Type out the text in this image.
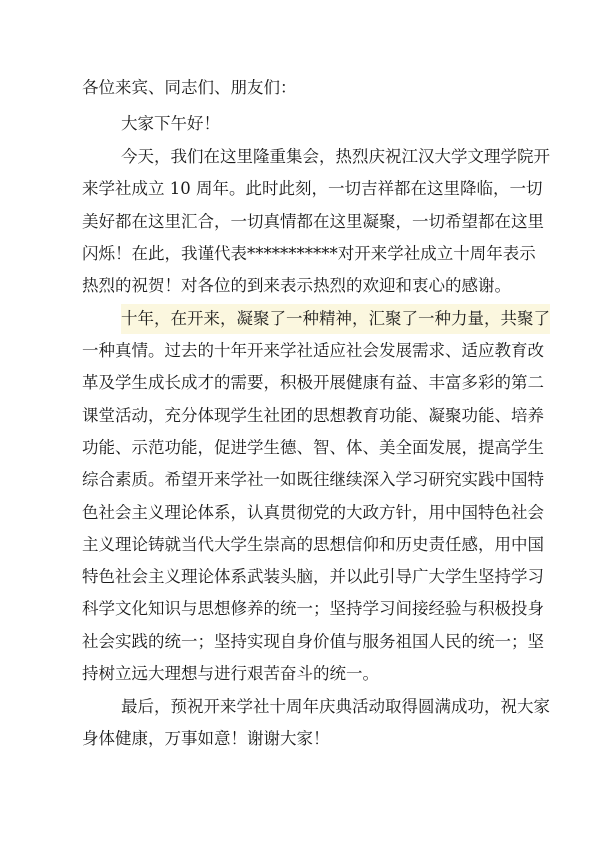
各位来宾、同志们、朋友们：
大家下午好！
今天，我们在这里隆重集会，热烈庆祝江汉大学文理学院开
来学社成立 10 周年。此时此刻，一切吉祥都在这里降临，一切
美好都在这里汇合，一切真情都在这里凝聚，一切希望都在这里
闪烁！在此，我谨代表***********对开来学社成立十周年表示
热烈的祝贺！对各位的到来表示热烈的欢迎和衷心的感谢。
十年，在开来，凝聚了一种精神，汇聚了一种力量，共聚了
一种真情。过去的十年开来学社适应社会发展需求、适应教育改
革及学生成长成才的需要，积极开展健康有益、丰富多彩的第二
课堂活动，充分体现学生社团的思想教育功能、凝聚功能、培养
功能、示范功能，促进学生德、智、体、美全面发展，提高学生
综合素质。希望开来学社一如既往继续深入学习研究实践中国特
色社会主义理论体系，认真贯彻党的大政方针，用中国特色社会
主义理论铸就当代大学生崇高的思想信仰和历史责任感，用中国
特色社会主义理论体系武装头脑，并以此引导广大学生坚持学习
科学文化知识与思想修养的统一；坚持学习间接经验与积极投身
社会实践的统一；坚持实现自身价值与服务祖国人民的统一；坚
持树立远大理想与进行艰苦奋斗的统一。
最后，预祝开来学社十周年庆典活动取得圆满成功，祝大家
身体健康，万事如意！谢谢大家！
